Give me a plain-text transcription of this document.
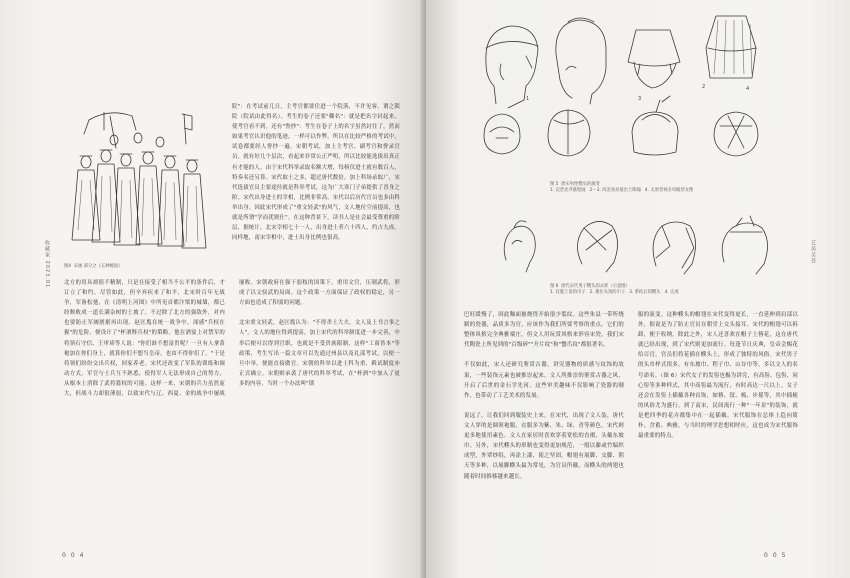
图4  宋画 部分之《五种梳面》
院"：在考试前几日，主考官都要住进一个院落，不许见客，谓之锁院（院试由此得名）。考生的卷子还要"糊名"：就是把名字封起来，使考官看不到。还有"誊抄"：考生在卷子上的名字虽然封住了，然而如果考官认识他的笔迹，一样可以作弊。所以在比较严格的考试中，试卷都要经人誊抄一遍。宋朝考试，加上主考官、副考官和誊录官员，就有好几个层次，看起来非常公正严明，所以比较能选拔出真正有才能的人。由于宋代科举录取名额大增，每榜仅进士就有数百人，特奏名还另算。宋代取士之多，超过唐代数倍，加上科场录取广，宋代选拔官员主要途径就是科举考试，这为广大寒门子弟提供了晋身之阶。宋代出身进士的宰相，比例非常高。宋代以后历代官员也多由科举出身。因此宋代形成了"重文轻武"的风气，文人地位空前提高，也就是所谓"学而优则仕"。在这种背景下，读书人是社会最受尊重的阶层，据统计，北宋宰相七十一人，出身进士者六十四人，约占九成。同样地，南宋宰相中，进士出身比例也很高。
北方的用具却很不精制，只是在接受了相当不公平的条件后，才订立了和约。尽管如此，但辛弃疾来了和平，北宋时百年无战争，军备松弛，在《清明上河图》中所见首都汴梁的城墙，都已经颓败成一道长满杂树的土坡了。不过除了北方的强敌外，对内也要防止军阀割据再出现。赵匡胤在统一战争中，深感"兵权在握"的危险，便设计了"杯酒释兵权"的策略。他在酒宴上对禁军的将领石守信、王审琦等人说："你们谁不想富贵呢？一旦有人拿黄袍加在你们身上，就算你们不想当皇帝，也由不得你们了。"于是将领们纷纷交出兵权，回家养老。宋代还改变了军队的训练和调动方式，军官与士兵互不熟悉，使得军人无法形成自己的势力，从根本上消除了武将篡权的可能。这样一来，宋朝的兵力虽然庞大，但战斗力却很薄弱，以致宋代与辽、西夏、金的战争中屡战屡败。宋朝政府在强干弱枝的国策下，重用文官，压制武将，形成了以文驭武的局面。这个政策一方面保证了政权的稳定，另一方面也造成了积弱的问题。

北宋重文轻武。赵匡胤认为："不得杀士大夫，文人及上书言事之人"。文人的地位得到提高，加上宋代的科举制度进一步完善，中举后便可以得到官职，也就是不受贵族限制，这样"工商皆本"等政策，考生写出一篇文章可以先通过州县以及礼部考试，以便一旦中举，便能直接做官。宋朝的科举以进士科为重，殿试制度亦正式确立。宋朝则承袭了唐代的科举考试，在"杯酒"中加入了更多的内容，当时一个办法叫"锁
收藏家 2023.01
004
1
2
3
4
图 5  唐宋男性幞头的演变
1. 汉晋北齐墓壁画   2～3. 河北易县墓出土陶俑   4. 太原晋祠圣母殿侍女像
图 6  唐代宋代男子幞头的式样（示意图）
1. 仅裹上发的巾子   2. 裹住头顶的巾子   3. 系结后的幞头   4. 完成
巴旺缓慢了，因此釉面被烧得开始很少裂纹。这些朱县一带所烧制的瓷器，品质多为官，应该作为我们所要考察的重点。它们的整体风格完全典雅端庄，但文人用玩赏风格来形容宋瓷，我们宋代陶瓷上所见到的"百级碎""开片纹"和"蟹爪纹"都很著名。

不仅如此，宋人还研究鉴赏古器，讲究器物的质感与纹饰的效果，一些装饰元素也被推崇起来。文人所推崇的鉴赏古器之风，开启了后世的金石学先河。这些审美趣味不仅影响了瓷器的制作，也带动了工艺美术的发展。

说远了，让我们回到服装史上来。在宋代，出现了文人装，唐代文人穿的是圆领袍服，衣服多为紫、朱、绿、青等颜色，宋代则更多地使用素色。文人在家居时喜欢穿着宽松的直裰，头戴东坡巾。另外，宋代幞头的形制也变得更加规范，一般以藤或竹编织成型，外罩纱绢，再涂上漆，使之坚固。帽翅有展脚、交脚、朝天等多种，以展脚幞头最为常见，为官员所戴，而幞头的两翅也随着时间推移越来越长。
服的演变。这种幞头的帽翅在宋代变得更长，一直延伸到肩部以外，据说是为了防止官员在朝堂上交头接耳。宋代的帽翅可以拆卸，便于收纳。除此之外，宋人还喜欢在帽子上簪花，这在唐代就已经出现，到了宋代则更加流行。每逢节日庆典，皇帝会赐花给百官，官员们将花插在幞头上，形成了独特的风俗。宋代男子的头巾样式很多，有东坡巾、程子巾、山谷巾等，多以文人的名号命名。（图 6）宋代女子的发髻也极为讲究，有高髻、包髻、同心髻等多种样式，其中高髻最为流行，有时高达一尺以上。女子还会在发髻上插戴各种首饰，如簪、钗、梳、步摇等，其中插梳的风俗尤为盛行。到了南宋，民间流行一种"一年景"的装饰，就是把四季的花卉都集中在一起插戴。宋代服饰在总体上趋向简朴、含蓄、典雅，与当时的理学思想相呼应，这也成为宋代服饰最重要的特点。
艺苑美荟
005
